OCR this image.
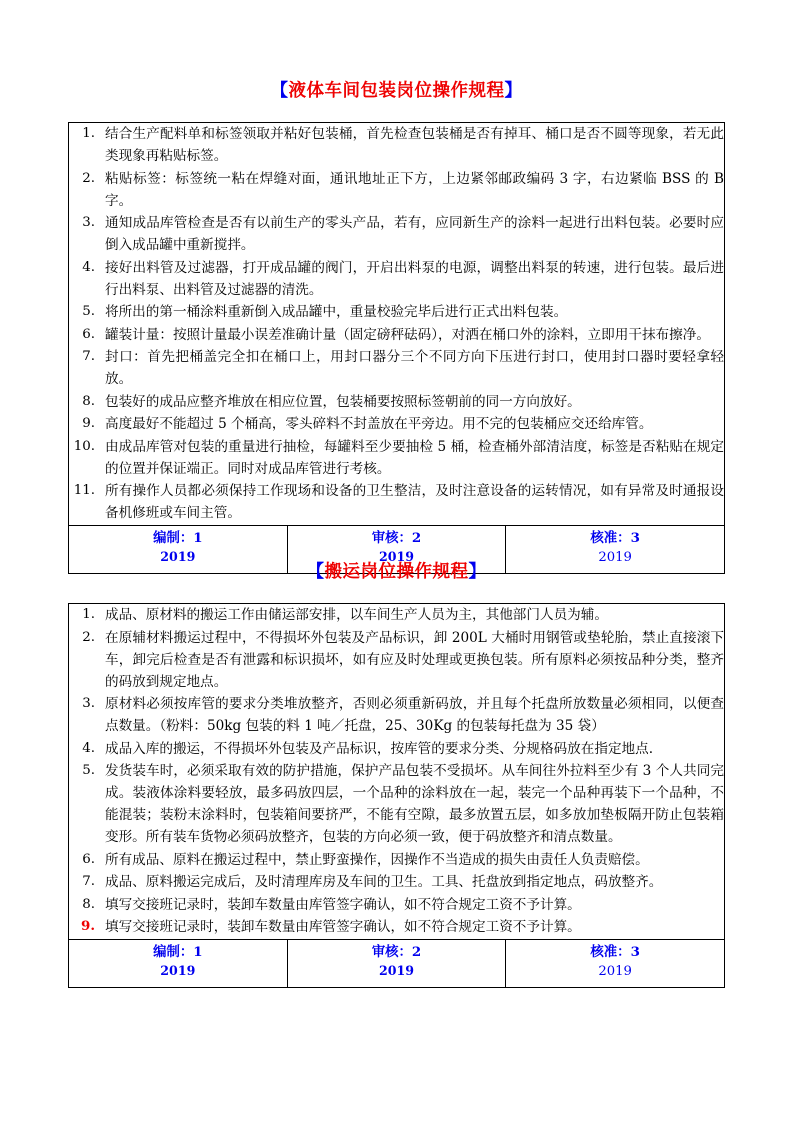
【液体车间包装岗位操作规程】
1. 结合生产配料单和标签领取并粘好包装桶，首先检查包装桶是否有掉耳、桶口是否不圆等现象，若无此类现象再粘贴标签。
2. 粘贴标签：标签统一粘在焊缝对面，通讯地址正下方，上边紧邻邮政编码 3 字，右边紧临 BSS 的 B 字。
3. 通知成品库管检查是否有以前生产的零头产品，若有，应同新生产的涂料一起进行出料包装。必要时应倒入成品罐中重新搅拌。
4. 接好出料管及过滤器，打开成品罐的阀门，开启出料泵的电源，调整出料泵的转速，进行包装。最后进行出料泵、出料管及过滤器的清洗。
5. 将所出的第一桶涂料重新倒入成品罐中，重量校验完毕后进行正式出料包装。
6. 罐装计量：按照计量最小误差准确计量（固定磅秤砝码），对洒在桶口外的涂料，立即用干抹布擦净。
7. 封口：首先把桶盖完全扣在桶口上，用封口器分三个不同方向下压进行封口，使用封口器时要轻拿轻放。
8. 包装好的成品应整齐堆放在相应位置，包装桶要按照标签朝前的同一方向放好。
9. 高度最好不能超过 5 个桶高，零头碎料不封盖放在平旁边。用不完的包装桶应交还给库管。
10. 由成品库管对包装的重量进行抽检，每罐料至少要抽检 5 桶，检查桶外部清洁度，标签是否粘贴在规定的位置并保证端正。同时对成品库管进行考核。
11. 所有操作人员都必须保持工作现场和设备的卫生整洁，及时注意设备的运转情况，如有异常及时通报设备机修班或车间主管。

编制：1
2019

审核：2
2019

核准：3
2019
【搬运岗位操作规程】
1. 成品、原材料的搬运工作由储运部安排，以车间生产人员为主，其他部门人员为辅。
2. 在原辅材料搬运过程中，不得损坏外包装及产品标识，卸 200L 大桶时用钢管或垫轮胎，禁止直接滚下车，卸完后检查是否有泄露和标识损坏，如有应及时处理或更换包装。所有原料必须按品种分类，整齐的码放到规定地点。
3. 原材料必须按库管的要求分类堆放整齐，否则必须重新码放，并且每个托盘所放数量必须相同，以便查点数量。（粉料：50kg 包装的料 1 吨／托盘，25、30Kg 的包装每托盘为 35 袋）
4. 成品入库的搬运，不得损坏外包装及产品标识，按库管的要求分类、分规格码放在指定地点.
5. 发货装车时，必须采取有效的防护措施，保护产品包装不受损坏。从车间往外拉料至少有 3 个人共同完成。装液体涂料要轻放，最多码放四层，一个品种的涂料放在一起，装完一个品种再装下一个品种，不能混装；装粉末涂料时，包装箱间要挤严，不能有空隙，最多放置五层，如多放加垫板隔开防止包装箱变形。所有装车货物必须码放整齐，包装的方向必须一致，便于码放整齐和清点数量。
6. 所有成品、原料在搬运过程中，禁止野蛮操作，因操作不当造成的损失由责任人负责赔偿。
7. 成品、原料搬运完成后，及时清理库房及车间的卫生。工具、托盘放到指定地点，码放整齐。
8. 填写交接班记录时，装卸车数量由库管签字确认，如不符合规定工资不予计算。
9. 填写交接班记录时，装卸车数量由库管签字确认，如不符合规定工资不予计算。

编制：1
2019

审核：2
2019

核准：3
2019
